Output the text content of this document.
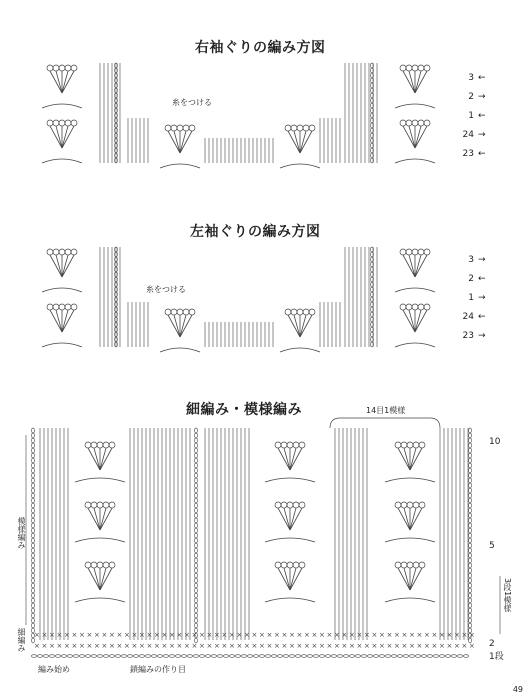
右袖ぐりの編み方図
左袖ぐりの編み方図
細編み・模様編み
糸をつける
糸をつける
14目1模様
3
2
1
24
23
←
→
←
→
←
3
2
1
24
23
→
←
→
←
→
10
5
3段1模様
2
1段
模様編み
細編み
編み始め	鎖編みの作り目
49
×
×
×
×
×
×
×
×
×
×
×
×
×
×
×
×
×
×
×
×
×
×
×
×
×
×
×
×
×
×
×
×
×
×
×
×
×
×
×
×
×
×
×
×
×
×
×
×
×
×
×
×
×
×
×
×
×
×
×
×
×
×
×
×
×
×
×
×
×
×
×
×
×
×
×
×
×
×
×
×
×
×
×
×
×
×
×
×
×
×
×
×
×
×
×
×
×
×
×
×
×
×
×
×
×
×
×
×
×
×
×
×
×
×
×
×
×
×
